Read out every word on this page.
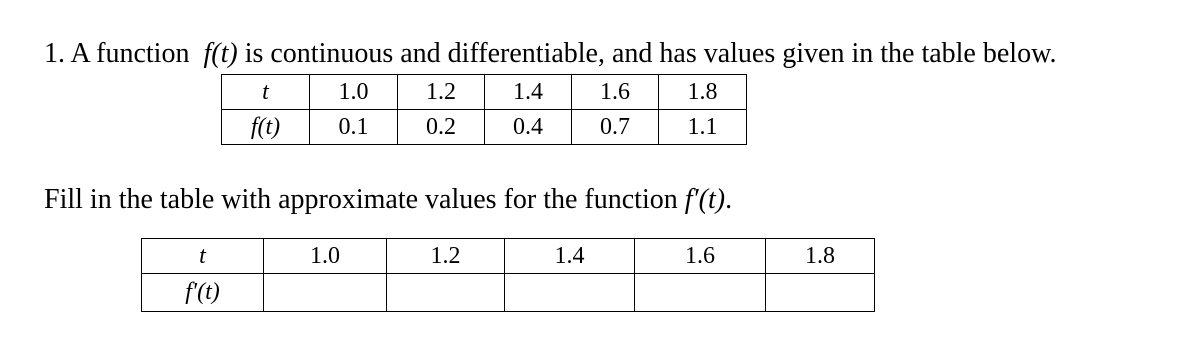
1. A function f(t) is continuous and differentiable, and has values given in the table below.
t	1.0	1.2	1.4	1.6	1.8
f(t)	0.1	0.2	0.4	0.7	1.1
Fill in the table with approximate values for the function f′(t).
t	1.0	1.2	1.4	1.6	1.8
f′(t)					
